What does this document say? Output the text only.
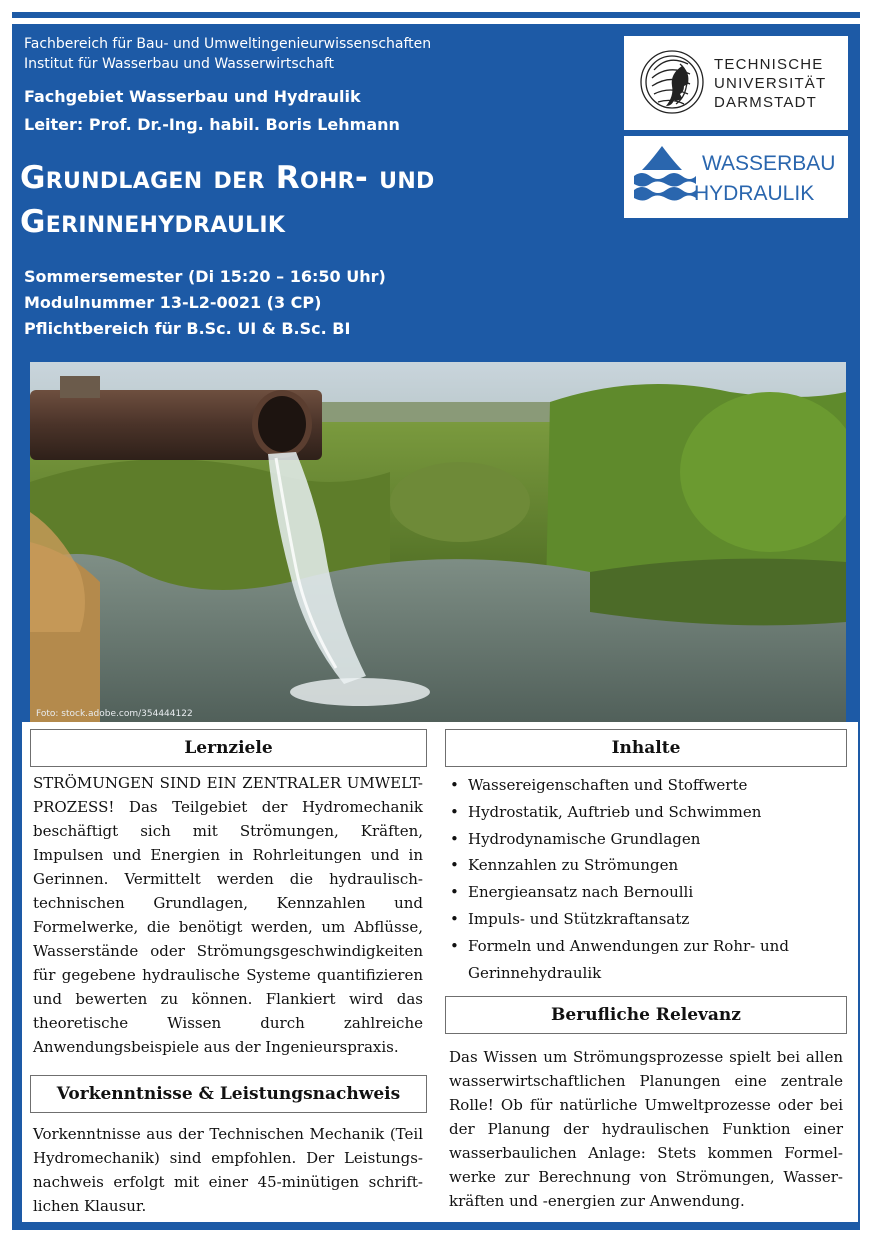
Fachbereich für Bau- und Umweltingenieurwissenschaften
Institut für Wasserbau und Wasserwirtschaft
Fachgebiet Wasserbau und Hydraulik
Leiter: Prof. Dr.-Ing. habil. Boris Lehmann
Grundlagen der Rohr- und
Gerinnehydraulik
Sommersemester (Di 15:20 – 16:50 Uhr)
Modulnummer 13-L2-0021 (3 CP)
Pflichtbereich für B.Sc. UI & B.Sc. BI
TECHNISCHE
UNIVERSITÄT
DARMSTADT
WASSERBAU
HYDRAULIK
Foto: stock.adobe.com/354444122
Lernziele
STRÖMUNGEN SIND EIN ZENTRALER UMWELT-PROZESS! Das Teilgebiet der Hydromechanik beschäftigt sich mit Strömungen, Kräften, Impulsen und Energien in Rohrleitungen und in Gerinnen. Vermittelt werden die hydraulisch-technischen Grundlagen, Kennzahlen und Formelwerke, die benötigt werden, um Abflüsse, Wasserstände oder Strömungsgeschwindigkeiten für gegebene hydraulische Systeme quantifizieren und bewerten zu können. Flankiert wird das theoretische Wissen durch zahlreiche Anwendungsbeispiele aus der Ingenieurspraxis.
Vorkenntnisse & Leistungsnachweis
Vorkenntnisse aus der Technischen Mechanik (Teil Hydromechanik) sind empfohlen. Der Leistungs-nachweis erfolgt mit einer 45-minütigen schrift-lichen Klausur.
Inhalte
• Wassereigenschaften und Stoffwerte
• Hydrostatik, Auftrieb und Schwimmen
• Hydrodynamische Grundlagen
• Kennzahlen zu Strömungen
• Energieansatz nach Bernoulli
• Impuls- und Stützkraftansatz
• Formeln und Anwendungen zur Rohr- und Gerinnehydraulik
Berufliche Relevanz
Das Wissen um Strömungsprozesse spielt bei allen wasserwirtschaftlichen Planungen eine zentrale Rolle! Ob für natürliche Umweltprozesse oder bei der Planung der hydraulischen Funktion einer wasserbaulichen Anlage: Stets kommen Formel-werke zur Berechnung von Strömungen, Wasser-kräften und -energien zur Anwendung.
